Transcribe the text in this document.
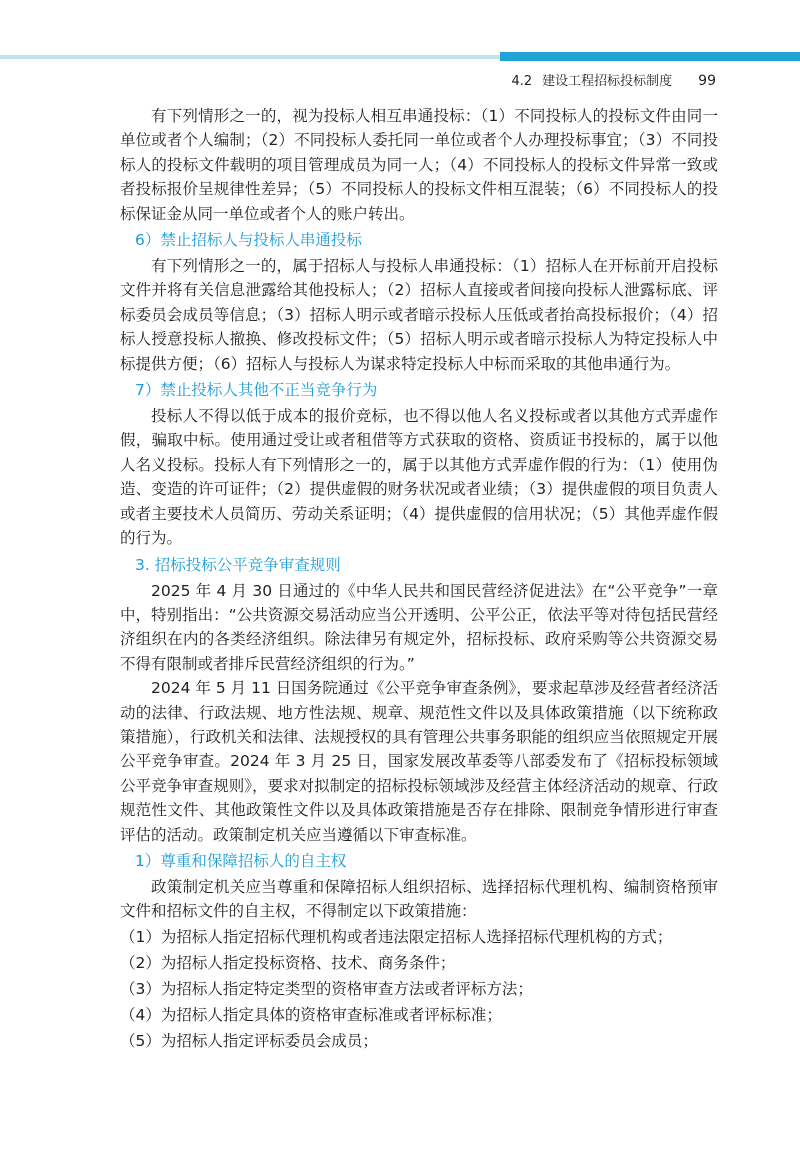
4.2 建设工程招标投标制度 99

有下列情形之一的，视为投标人相互串通投标：（1）不同投标人的投标文件由同一单位或者个人编制；（2）不同投标人委托同一单位或者个人办理投标事宜；（3）不同投标人的投标文件载明的项目管理成员为同一人；（4）不同投标人的投标文件异常一致或者投标报价呈规律性差异；（5）不同投标人的投标文件相互混装；（6）不同投标人的投标保证金从同一单位或者个人的账户转出。

6）禁止招标人与投标人串通投标

有下列情形之一的，属于招标人与投标人串通投标：（1）招标人在开标前开启投标文件并将有关信息泄露给其他投标人；（2）招标人直接或者间接向投标人泄露标底、评标委员会成员等信息；（3）招标人明示或者暗示投标人压低或者抬高投标报价；（4）招标人授意投标人撤换、修改投标文件；（5）招标人明示或者暗示投标人为特定投标人中标提供方便；（6）招标人与投标人为谋求特定投标人中标而采取的其他串通行为。

7）禁止投标人其他不正当竞争行为

投标人不得以低于成本的报价竞标，也不得以他人名义投标或者以其他方式弄虚作假，骗取中标。使用通过受让或者租借等方式获取的资格、资质证书投标的，属于以他人名义投标。投标人有下列情形之一的，属于以其他方式弄虚作假的行为：（1）使用伪造、变造的许可证件；（2）提供虚假的财务状况或者业绩；（3）提供虚假的项目负责人或者主要技术人员简历、劳动关系证明；（4）提供虚假的信用状况；（5）其他弄虚作假的行为。

3. 招标投标公平竞争审查规则

2025 年 4 月 30 日通过的《中华人民共和国民营经济促进法》在“公平竞争”一章中，特别指出：“公共资源交易活动应当公开透明、公平公正，依法平等对待包括民营经济组织在内的各类经济组织。除法律另有规定外，招标投标、政府采购等公共资源交易不得有限制或者排斥民营经济组织的行为。”

2024 年 5 月 11 日国务院通过《公平竞争审查条例》，要求起草涉及经营者经济活动的法律、行政法规、地方性法规、规章、规范性文件以及具体政策措施（以下统称政策措施），行政机关和法律、法规授权的具有管理公共事务职能的组织应当依照规定开展公平竞争审查。2024 年 3 月 25 日，国家发展改革委等八部委发布了《招标投标领域公平竞争审查规则》，要求对拟制定的招标投标领域涉及经营主体经济活动的规章、行政规范性文件、其他政策性文件以及具体政策措施是否存在排除、限制竞争情形进行审查评估的活动。政策制定机关应当遵循以下审查标准。

1）尊重和保障招标人的自主权

政策制定机关应当尊重和保障招标人组织招标、选择招标代理机构、编制资格预审文件和招标文件的自主权，不得制定以下政策措施：

（1）为招标人指定招标代理机构或者违法限定招标人选择招标代理机构的方式；

（2）为招标人指定投标资格、技术、商务条件；

（3）为招标人指定特定类型的资格审查方法或者评标方法；

（4）为招标人指定具体的资格审查标准或者评标标准；

（5）为招标人指定评标委员会成员；
